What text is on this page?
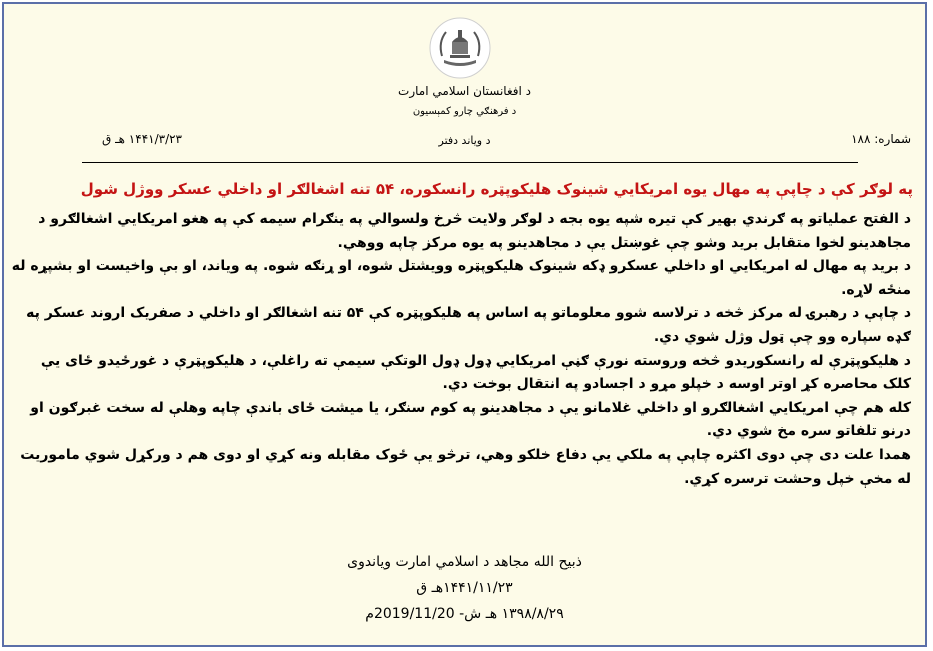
د افغانستان اسلامي امارت
د فرهنګي چارو کمېسيون
د وياند دفتر	شماره: ۱۸۸
۱۴۴۱/۳/۲۳ هـ ق
په لوګر کې د چاپې په مهال يوه امريکايي شينوک هليکوپټره رانسکوره، ۵۴ تنه اشغالګر او داخلي عسکر ووژل شول

د الفتح عملياتو په ګرندي بهير کې تيره شپه يوه بجه د لوګر ولايت څرخ ولسوالي په ينګرام سيمه کې په هغو امريکايي اشغالګرو د مجاهدينو لخوا متقابل بريد وشو چې غوښتل يې د مجاهدينو په يوه مرکز چاپه ووهي.

د بريد په مهال له امريکايي او داخلي عسکرو ډکه شينوک هليکوپټره وويشتل شوه، او ړنګه شوه. په وياند، او بې واخیست او بشپړه له منځه لاړه.

د چاپې د رهبرۍ له مرکز څخه د ترلاسه شوو معلوماتو په اساس په هليکوپټره کې ۵۴ تنه اشغالګر او داخلي د صفريک اروند عسکر په ګډه سپاره وو چې ټول وژل شوي دي.

د هليکوپټرې له رانسکوريدو څخه وروسته نورې ګڼې امريکايي ډول ډول الوتکې سيمې ته راغلې، د هليکوپټرې د غورځيدو ځای يې کلک محاصره کړ اوتر اوسه د خپلو مړو د اجسادو په انتقال بوخت دي.

کله هم چې امريکايي اشغالګرو او داخلي غلامانو يې د مجاهدينو په کوم سنګر، يا ميشت ځای باندې چاپه وهلې له سخت غبرګون او درنو تلفاتو سره مخ شوي دي.

همدا علت دی چې دوی اکثره چاپې په ملکي يې دفاع خلکو وهي، ترڅو يې ځوک مقابله ونه کړي او دوی هم د ورکړل شوي ماموريت له مخې خپل وحشت ترسره کړي.

ذبيح الله مجاهد د اسلامي امارت وياندوی
۱۴۴۱/۱۱/۲۳هـ ق
۱۳۹۸/۸/۲۹ هـ ش- 2019/11/20م
